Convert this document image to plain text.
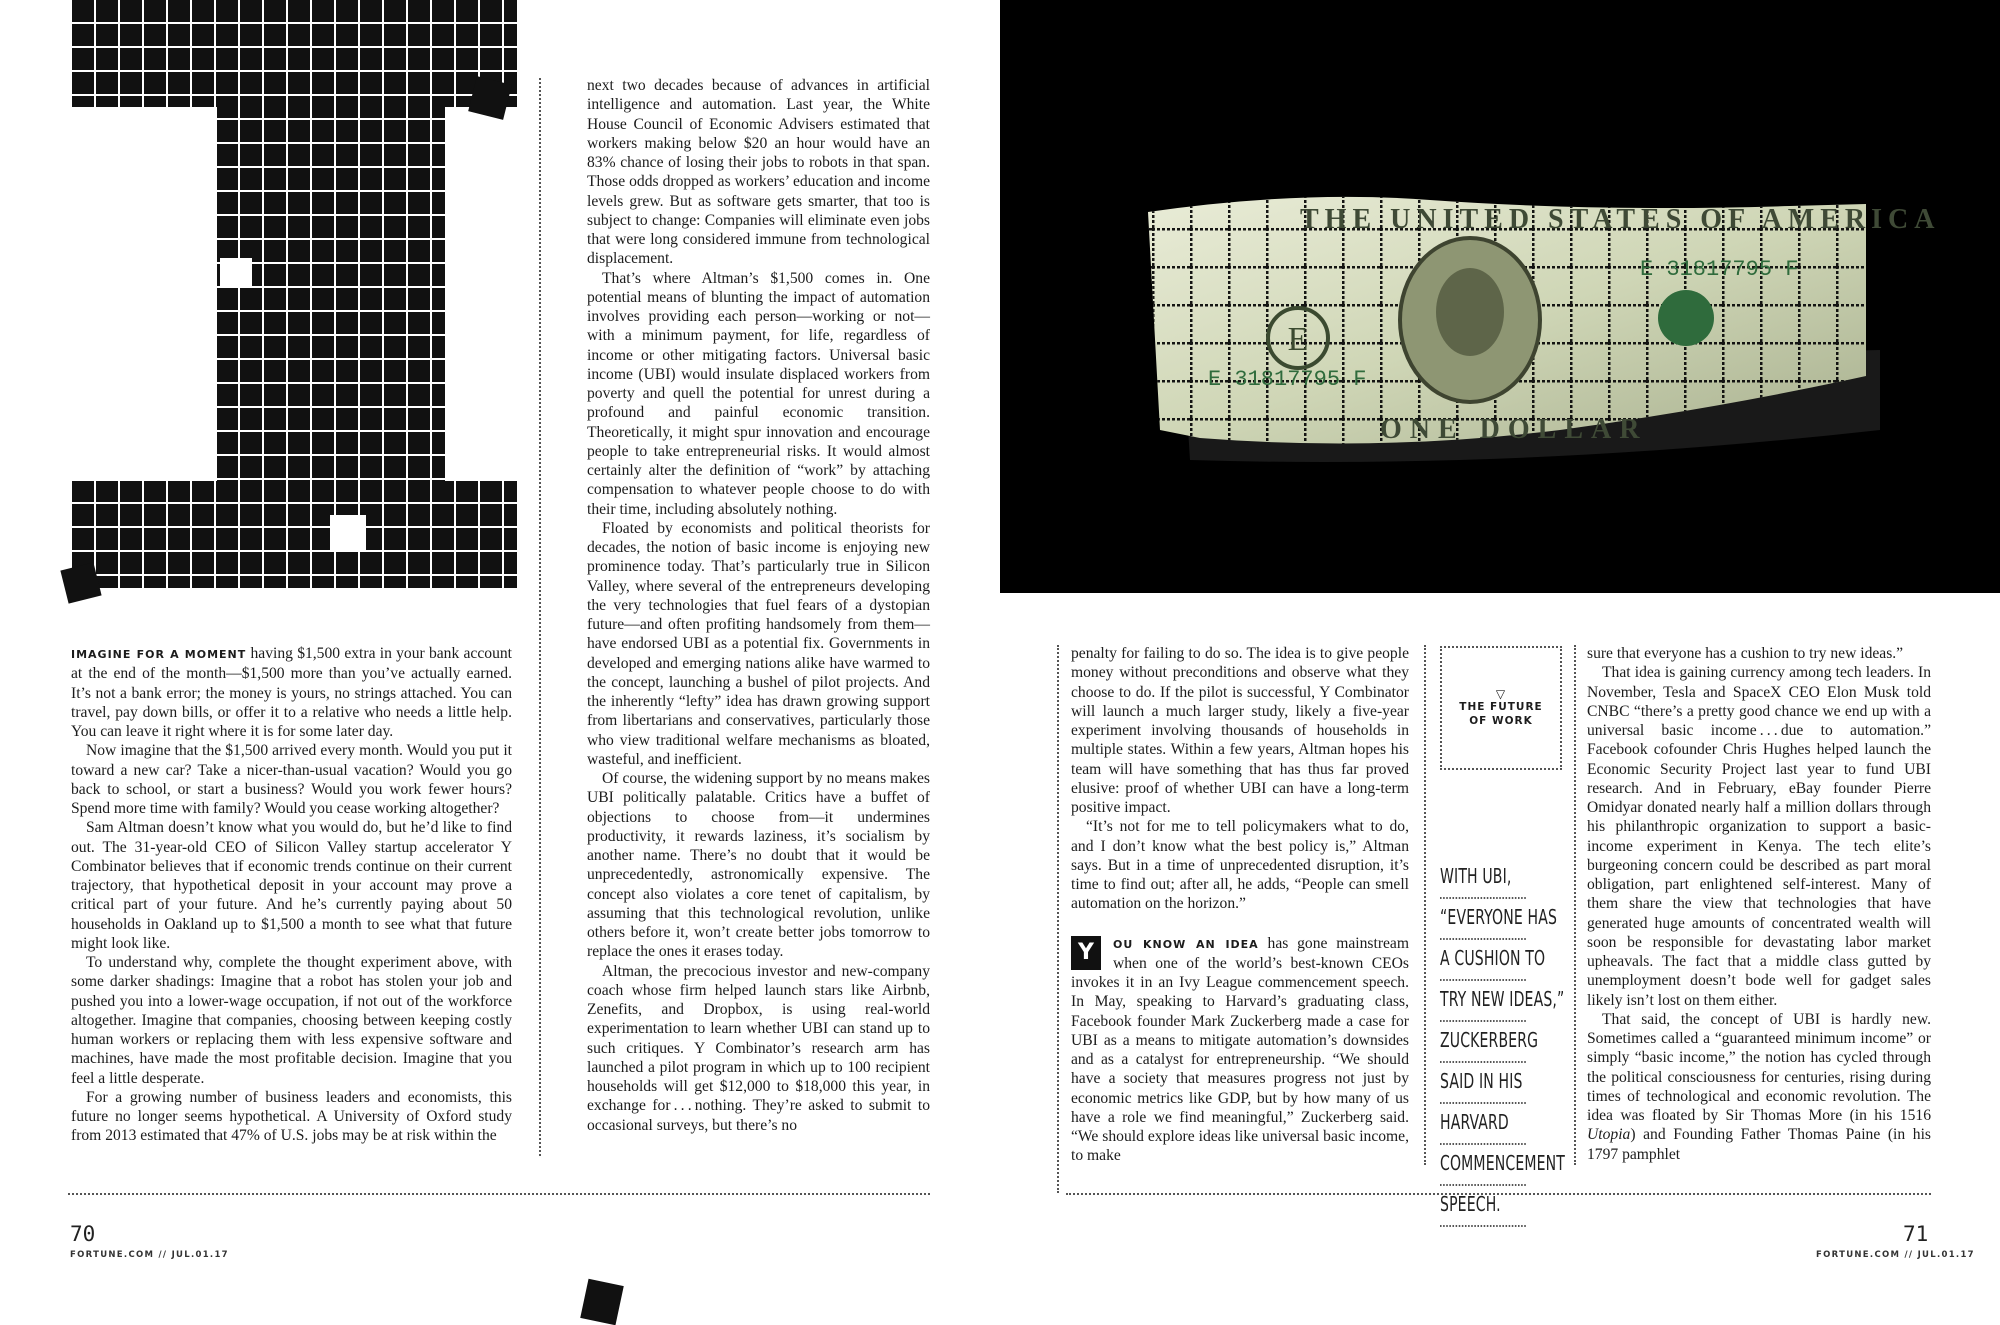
IMAGINE FOR A MOMENT having $1,500 extra in your bank account at the end of the month—$1,500 more than you’ve actually earned. It’s not a bank error; the money is yours, no strings attached. You can travel, pay down bills, or offer it to a relative who needs a little help. You can leave it right where it is for some later day.

Now imagine that the $1,500 arrived every month. Would you put it toward a new car? Take a nicer-than-usual vacation? Would you go back to school, or start a business? Would you work fewer hours? Spend more time with family? Would you cease working altogether?

Sam Altman doesn’t know what you would do, but he’d like to find out. The 31-year-old CEO of Silicon Valley startup accelerator Y Combinator believes that if economic trends continue on their current trajectory, that hypothetical deposit in your account may prove a critical part of your future. And he’s currently paying about 50 households in Oakland up to $1,500 a month to see what that future might look like.

To understand why, complete the thought experiment above, with some darker shadings: Imagine that a robot has stolen your job and pushed you into a lower-wage occupation, if not out of the workforce altogether. Imagine that companies, choosing between keeping costly human workers or replacing them with less expensive software and machines, have made the most profitable decision. Imagine that you feel a little desperate.

For a growing number of business leaders and economists, this future no longer seems hypothetical. A University of Oxford study from 2013 estimated that 47% of U.S. jobs may be at risk within the

next two decades because of advances in artificial intelligence and automation. Last year, the White House Council of Economic Advisers estimated that workers making below $20 an hour would have an 83% chance of losing their jobs to robots in that span. Those odds dropped as workers’ education and income levels grew. But as software gets smarter, that too is subject to change: Companies will eliminate even jobs that were long considered immune from technological displacement.

That’s where Altman’s $1,500 comes in. One potential means of blunting the impact of automation involves providing each person—working or not—with a minimum payment, for life, regardless of income or other mitigating factors. Universal basic income (UBI) would insulate displaced workers from poverty and quell the potential for unrest during a profound and painful economic transition. Theoretically, it might spur innovation and encourage people to take entrepreneurial risks. It would almost certainly alter the definition of “work” by attaching compensation to whatever people choose to do with their time, including absolutely nothing.

Floated by economists and political theorists for decades, the notion of basic income is enjoying new prominence today. That’s particularly true in Silicon Valley, where several of the entrepreneurs developing the very technologies that fuel fears of a dystopian future—and often profiting handsomely from them—have endorsed UBI as a potential fix. Governments in developed and emerging nations alike have warmed to the concept, launching a bushel of pilot projects. And the inherently “lefty” idea has drawn growing support from libertarians and conservatives, particularly those who view traditional welfare mechanisms as bloated, wasteful, and inefficient.

Of course, the widening support by no means makes UBI politically palatable. Critics have a buffet of objections to choose from—it undermines productivity, it rewards laziness, it’s socialism by another name. There’s no doubt that it would be unprecedentedly, astronomically expensive. The concept also violates a core tenet of capitalism, by assuming that this technological revolution, unlike others before it, won’t create better jobs tomorrow to replace the ones it erases today.

Altman, the precocious investor and new-company coach whose firm helped launch stars like Airbnb, Zenefits, and Dropbox, is using real-world experimentation to learn whether UBI can stand up to such critiques. Y Combinator’s research arm has launched a pilot program in which up to 100 recipient households will get $12,000 to $18,000 this year, in exchange for . . . nothing. They’re asked to submit to occasional surveys, but there’s no

70
FORTUNE.COM // JUL.01.17
E
THE UNITED STATES OF AMERICA
E 31817795 F
E 31817795 F
ONE DOLLAR

penalty for failing to do so. The idea is to give people money without preconditions and observe what they choose to do. If the pilot is successful, Y Combinator will launch a much larger study, likely a five-year experiment involving thousands of households in multiple states. Within a few years, Altman hopes his team will have something that has thus far proved elusive: proof of whether UBI can have a long-term positive impact.

“It’s not for me to tell policymakers what to do, and I don’t know what the best policy is,” Altman says. But in a time of unprecedented disruption, it’s time to find out; after all, he adds, “People can smell automation on the horizon.”

Y	OU KNOW AN IDEA has gone mainstream when one of the world’s best-known CEOs invokes it in an Ivy League commencement speech. In May, speaking to Harvard’s graduating class, Facebook founder Mark Zuckerberg made a case for UBI as a means to mitigate automation’s downsides and as a catalyst for entrepreneurship. “We should have a society that measures progress not just by economic metrics like GDP, but by how many of us have a role we find meaningful,” Zuckerberg said. “We should explore ideas like universal basic income, to make

▽
THE FUTURE
OF WORK
WITH UBI,
“EVERYONE HAS
A CUSHION TO
TRY NEW IDEAS,”
ZUCKERBERG
SAID IN HIS
HARVARD
COMMENCEMENT
SPEECH.

sure that everyone has a cushion to try new ideas.”

That idea is gaining currency among tech leaders. In November, Tesla and SpaceX CEO Elon Musk told CNBC “there’s a pretty good chance we end up with a universal basic income . . . due to automation.” Facebook cofounder Chris Hughes helped launch the Economic Security Project last year to fund UBI research. And in February, eBay founder Pierre Omidyar donated nearly half a million dollars through his philanthropic organization to support a basic-income experiment in Kenya. The tech elite’s burgeoning concern could be described as part moral obligation, part enlightened self-interest. Many of them share the view that technologies that have generated huge amounts of concentrated wealth will soon be responsible for devastating labor market upheavals. The fact that a middle class gutted by unemployment doesn’t bode well for gadget sales likely isn’t lost on them either.

That said, the concept of UBI is hardly new. Sometimes called a “guaranteed minimum income” or simply “basic income,” the notion has cycled through the political consciousness for centuries, rising during times of technological and economic revolution. The idea was floated by Sir Thomas More (in his 1516 Utopia) and Founding Father Thomas Paine (in his 1797 pamphlet

71
FORTUNE.COM // JUL.01.17
